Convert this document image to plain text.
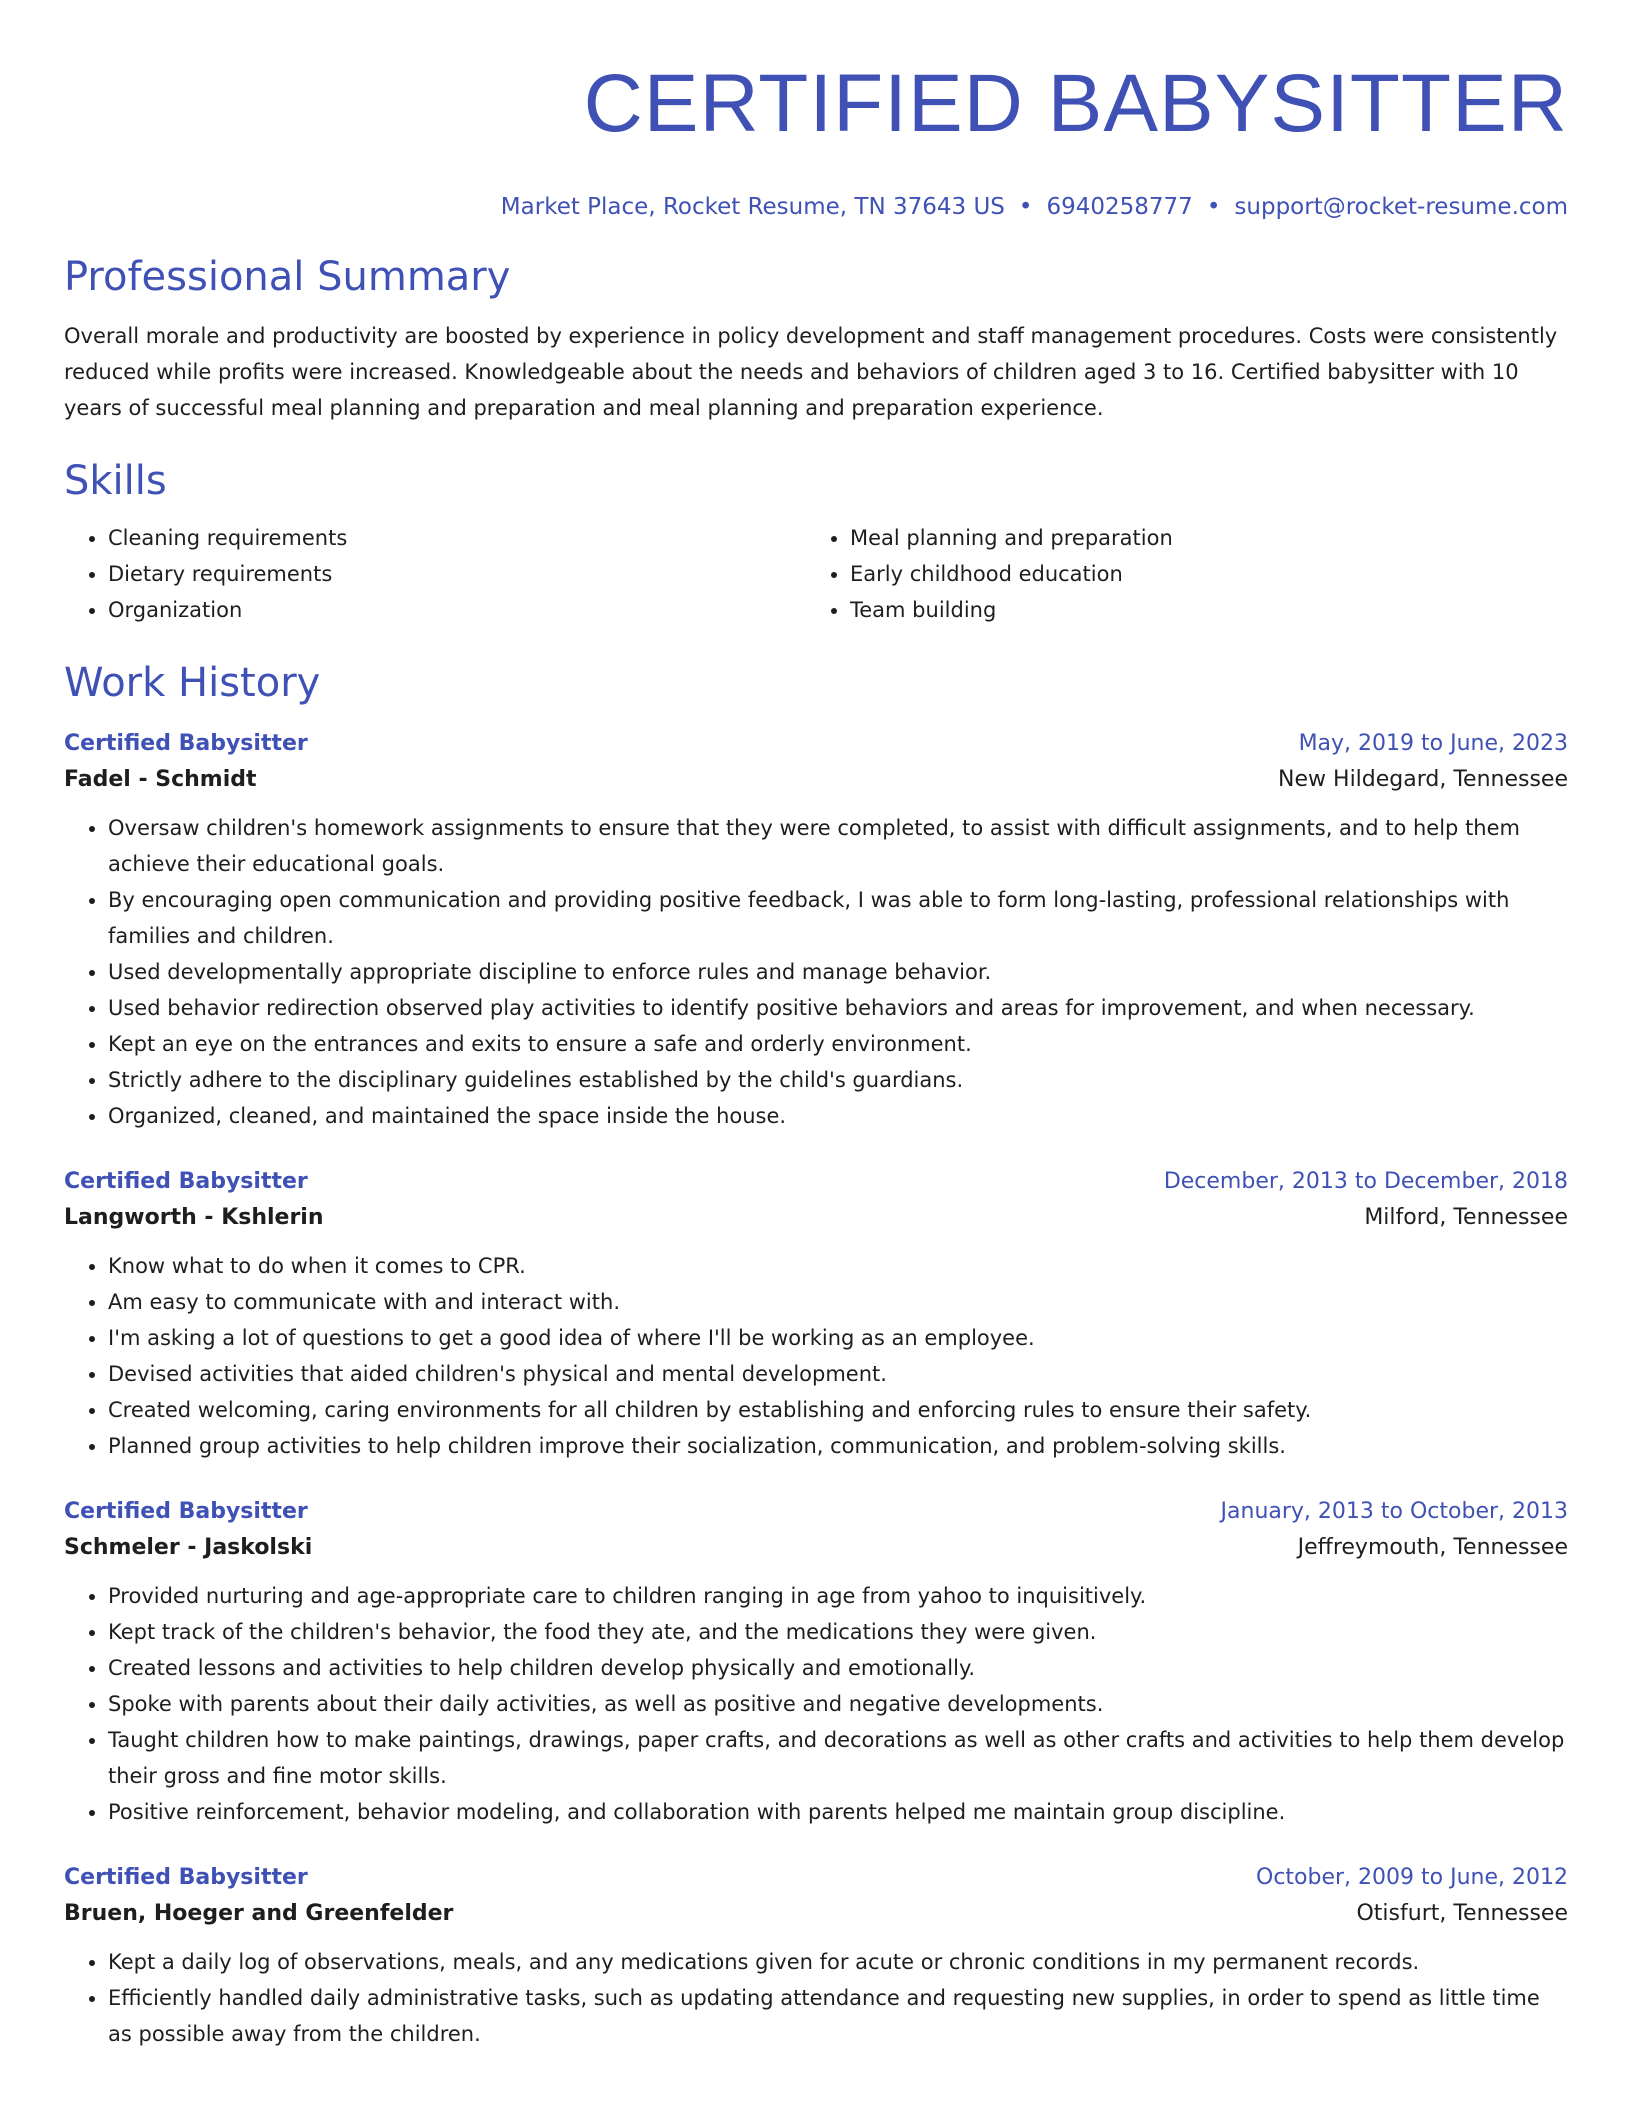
CERTIFIED BABYSITTER
Market Place, Rocket Resume, TN 37643 US • 6940258777 • support@rocket-resume.com
Professional Summary

Overall morale and productivity are boosted by experience in policy development and staff management procedures. Costs were consistently reduced while profits were increased. Knowledgeable about the needs and behaviors of children aged 3 to 16. Certified babysitter with 10 years of successful meal planning and preparation and meal planning and preparation experience.

Skills
• Cleaning requirements
• Dietary requirements
• Organization
• Meal planning and preparation
• Early childhood education
• Team building
Work History
Certified Babysitter	May, 2019 to June, 2023
Fadel - Schmidt	New Hildegard, Tennessee
• Oversaw children's homework assignments to ensure that they were completed, to assist with difficult assignments, and to help them achieve their educational goals.
• By encouraging open communication and providing positive feedback, I was able to form long-lasting, professional relationships with families and children.
• Used developmentally appropriate discipline to enforce rules and manage behavior.
• Used behavior redirection observed play activities to identify positive behaviors and areas for improvement, and when necessary.
• Kept an eye on the entrances and exits to ensure a safe and orderly environment.
• Strictly adhere to the disciplinary guidelines established by the child's guardians.
• Organized, cleaned, and maintained the space inside the house.
Certified Babysitter	December, 2013 to December, 2018
Langworth - Kshlerin	Milford, Tennessee
• Know what to do when it comes to CPR.
• Am easy to communicate with and interact with.
• I'm asking a lot of questions to get a good idea of where I'll be working as an employee.
• Devised activities that aided children's physical and mental development.
• Created welcoming, caring environments for all children by establishing and enforcing rules to ensure their safety.
• Planned group activities to help children improve their socialization, communication, and problem-solving skills.
Certified Babysitter	January, 2013 to October, 2013
Schmeler - Jaskolski	Jeffreymouth, Tennessee
• Provided nurturing and age-appropriate care to children ranging in age from yahoo to inquisitively.
• Kept track of the children's behavior, the food they ate, and the medications they were given.
• Created lessons and activities to help children develop physically and emotionally.
• Spoke with parents about their daily activities, as well as positive and negative developments.
• Taught children how to make paintings, drawings, paper crafts, and decorations as well as other crafts and activities to help them develop their gross and fine motor skills.
• Positive reinforcement, behavior modeling, and collaboration with parents helped me maintain group discipline.
Certified Babysitter	October, 2009 to June, 2012
Bruen, Hoeger and Greenfelder	Otisfurt, Tennessee
• Kept a daily log of observations, meals, and any medications given for acute or chronic conditions in my permanent records.
• Efficiently handled daily administrative tasks, such as updating attendance and requesting new supplies, in order to spend as little time as possible away from the children.
